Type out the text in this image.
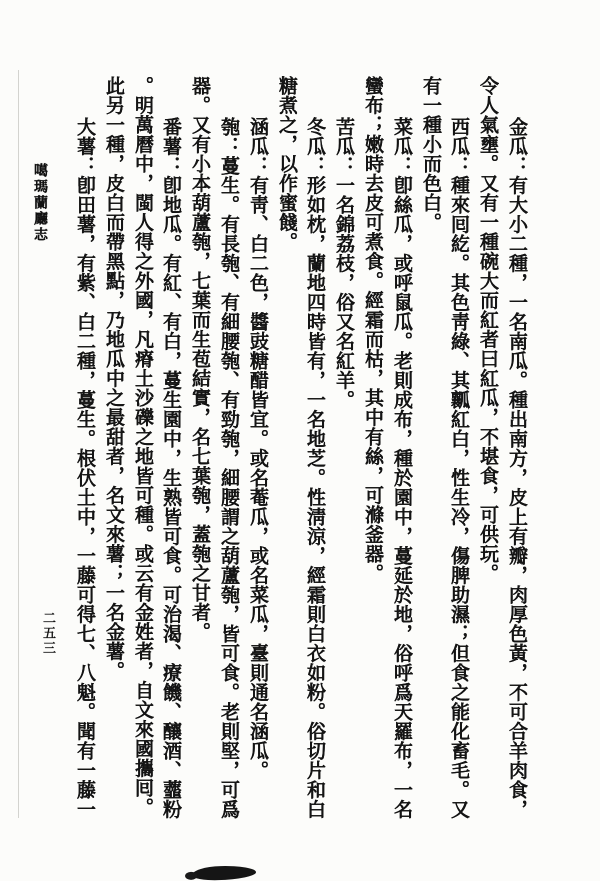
金瓜：有大小二種，一名南瓜。種出南方，皮上有瓣，肉厚色黃，不可合羊肉食，
令人氣壅。又有一種碗大而紅者曰紅瓜，不堪食，可供玩。
西瓜：種來囘紇。其色靑綠、其瓤紅白，性生冷，傷脾助濕；但食之能化畜毛。又
有一種小而色白。
菜瓜：卽絲瓜，或呼鼠瓜。老則成布，種於園中，蔓延於地，俗呼爲天羅布，一名
蠻布；嫩時去皮可煮食。經霜而枯，其中有絲，可滌釜器。
苦瓜：一名錦荔枝，俗又名紅羊。
冬瓜：形如枕，蘭地四時皆有，一名地芝。性淸涼，經霜則白衣如粉。俗切片和白
糖煮之，以作蜜餞。
涵瓜：有靑、白二色，醬豉糖醋皆宜。或名菴瓜，或名菜瓜，臺則通名涵瓜。
匏：蔓生。有長匏、有細腰匏、有勁匏，細腰謂之葫蘆匏，皆可食。老則堅，可爲
器。又有小本葫蘆匏，七葉而生苞結實，名七葉匏，蓋匏之甘者。
番薯：卽地瓜。有紅、有白，蔓生園中，生熟皆可食。可治渴、療饑、釀酒、虀粉
。明萬曆中，閩人得之外國，凡瘠土沙礫之地皆可種。或云有金姓者，自文來國攜囘。
此另一種，皮白而帶黑點，乃地瓜中之最甜者，名文來薯；一名金薯。
大薯：卽田薯，有紫、白二種，蔓生。根伏土中，一藤可得七、八魁。聞有一藤一
噶瑪蘭廳志
二五三
